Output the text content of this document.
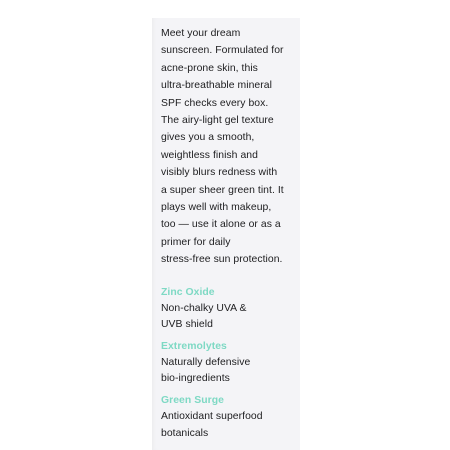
Meet your dream
sunscreen. Formulated for
acne-prone skin, this
ultra-breathable mineral
SPF checks every box.
The airy-light gel texture
gives you a smooth,
weightless finish and
visibly blurs redness with
a super sheer green tint. It
plays well with makeup,
too — use it alone or as a
primer for daily
stress-free sun protection.
Zinc Oxide
Non-chalky UVA &
UVB shield
Extremolytes
Naturally defensive
bio-ingredients
Green Surge
Antioxidant superfood
botanicals
